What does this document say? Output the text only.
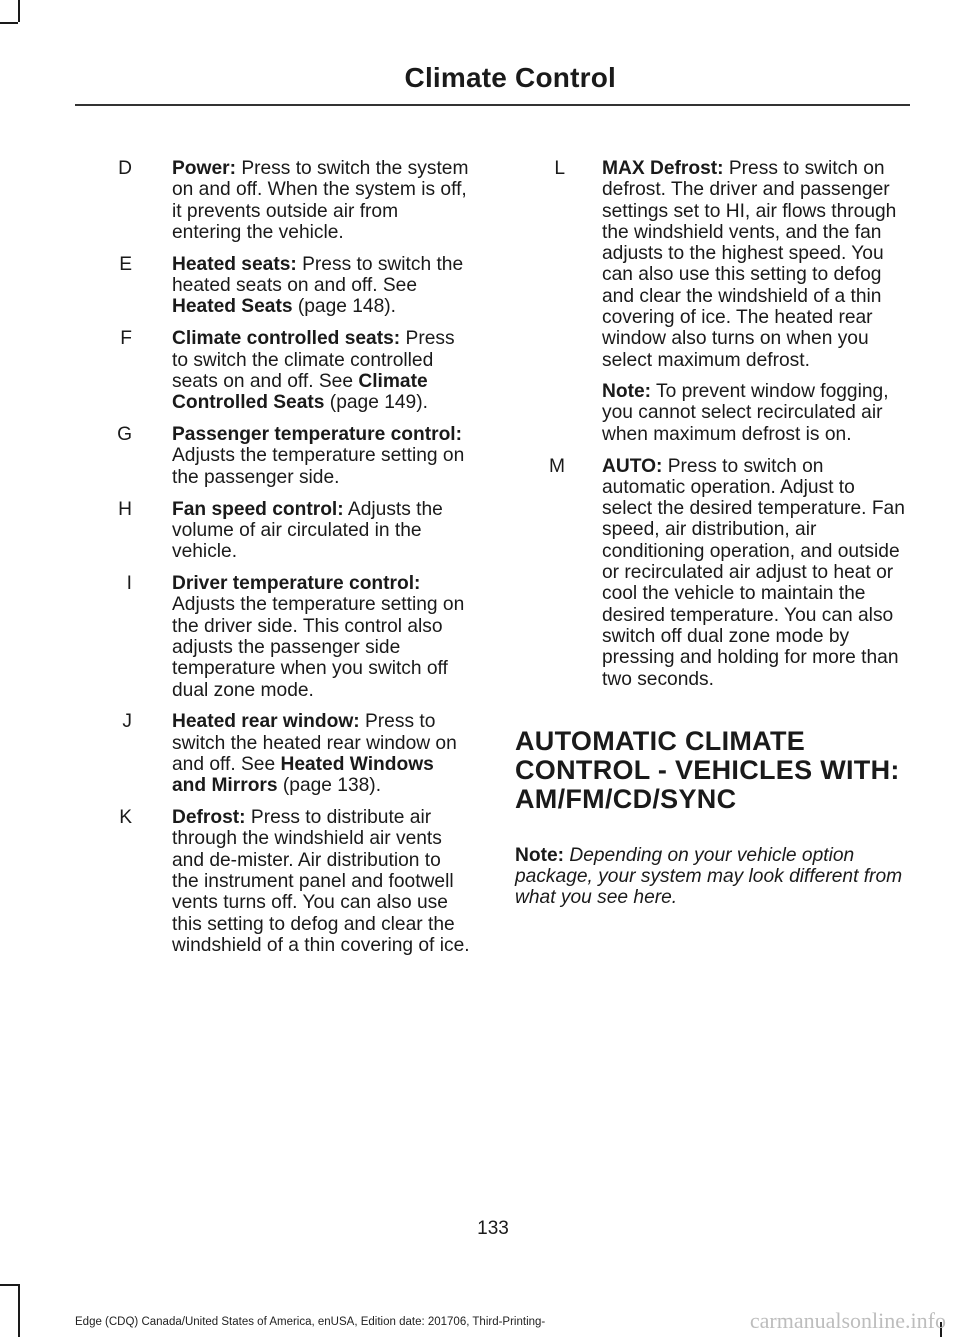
Climate Control
D Power: Press to switch the system on and off. When the system is off, it prevents outside air from entering the vehicle.
E Heated seats: Press to switch the heated seats on and off. See Heated Seats (page 148).
F Climate controlled seats: Press to switch the climate controlled seats on and off. See Climate Controlled Seats (page 149).
G Passenger temperature control: Adjusts the temperature setting on the passenger side.
H Fan speed control: Adjusts the volume of air circulated in the vehicle.
I Driver temperature control: Adjusts the temperature setting on the driver side. This control also adjusts the passenger side temperature when you switch off dual zone mode.
J Heated rear window: Press to switch the heated rear window on and off. See Heated Windows and Mirrors (page 138).
K Defrost: Press to distribute air through the windshield air vents and de-mister. Air distribution to the instrument panel and footwell vents turns off. You can also use this setting to defog and clear the windshield of a thin covering of ice.
L MAX Defrost: Press to switch on defrost. The driver and passenger settings set to HI, air flows through the windshield vents, and the fan adjusts to the highest speed. You can also use this setting to defog and clear the windshield of a thin covering of ice. The heated rear window also turns on when you select maximum defrost.
Note: To prevent window fogging, you cannot select recirculated air when maximum defrost is on.
M AUTO: Press to switch on automatic operation. Adjust to select the desired temperature. Fan speed, air distribution, air conditioning operation, and outside or recirculated air adjust to heat or cool the vehicle to maintain the desired temperature. You can also switch off dual zone mode by pressing and holding for more than two seconds.
AUTOMATIC CLIMATE
CONTROL - VEHICLES WITH:
AM/FM/CD/SYNC
Note: Depending on your vehicle option package, your system may look different from what you see here.
133
Edge (CDQ) Canada/United States of America, enUSA, Edition date: 201706, Third-Printing-	carmanualsonline.info
